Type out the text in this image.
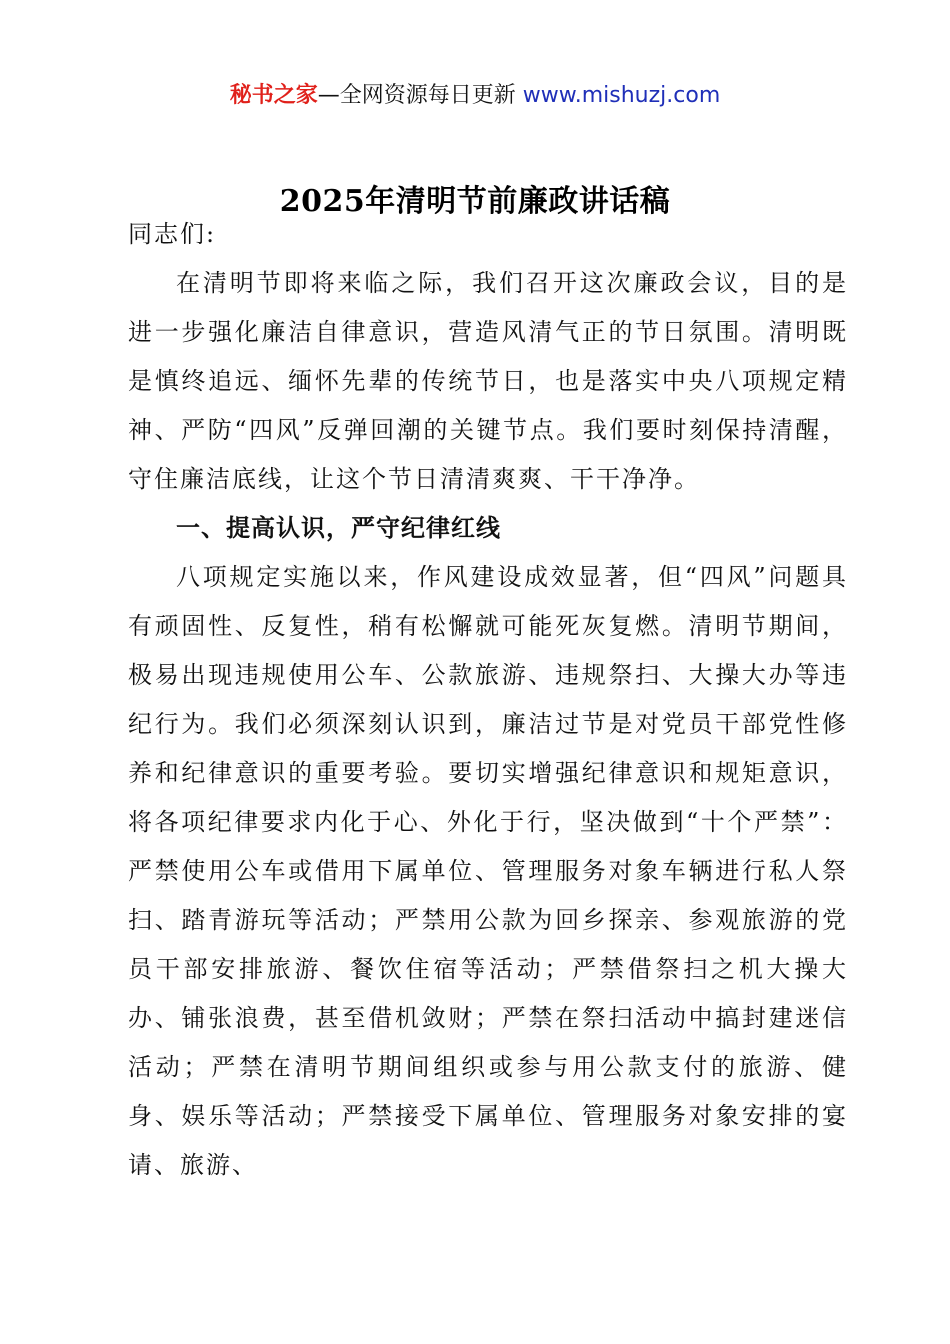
秘书之家—全网资源每日更新 www.mishuzj.com
2025年清明节前廉政讲话稿

同志们:

在清明节即将来临之际，我们召开这次廉政会议，目的是进一步强化廉洁自律意识，营造风清气正的节日氛围。清明既是慎终追远、缅怀先辈的传统节日，也是落实中央八项规定精神、严防“四风”反弹回潮的关键节点。我们要时刻保持清醒，守住廉洁底线，让这个节日清清爽爽、干干净净。

一、提高认识，严守纪律红线

八项规定实施以来，作风建设成效显著，但“四风”问题具有顽固性、反复性，稍有松懈就可能死灰复燃。清明节期间，极易出现违规使用公车、公款旅游、违规祭扫、大操大办等违纪行为。我们必须深刻认识到，廉洁过节是对党员干部党性修养和纪律意识的重要考验。要切实增强纪律意识和规矩意识，将各项纪律要求内化于心、外化于行，坚决做到“十个严禁”：严禁使用公车或借用下属单位、管理服务对象车辆进行私人祭扫、踏青游玩等活动；严禁用公款为回乡探亲、参观旅游的党员干部安排旅游、餐饮住宿等活动；严禁借祭扫之机大操大办、铺张浪费，甚至借机敛财；严禁在祭扫活动中搞封建迷信活动；严禁在清明节期间组织或参与用公款支付的旅游、健身、娱乐等活动；严禁接受下属单位、管理服务对象安排的宴请、旅游、
